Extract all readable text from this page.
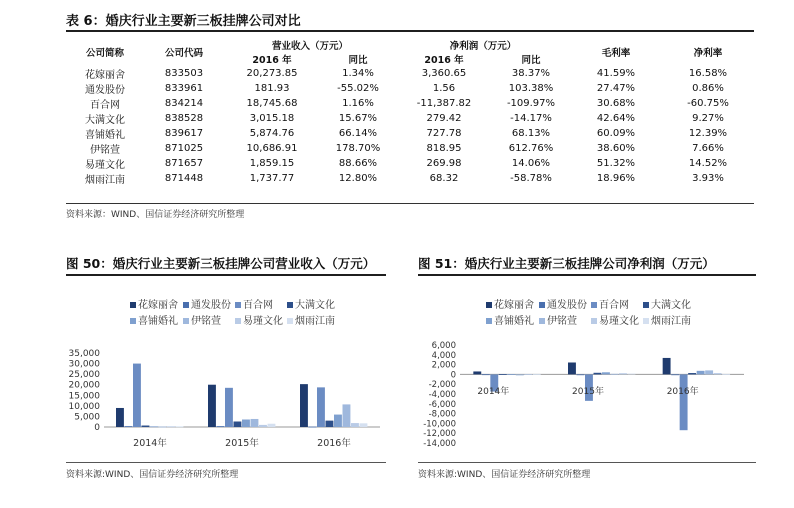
表 6：婚庆行业主要新三板挂牌公司对比
公司简称	公司代码	营业收入（万元）		净利润（万元）		毛利率	净利率
		2016 年	同比	2016 年	同比		
花嫁丽舍	833503	20,273.85	1.34%	3,360.65	38.37%	41.59%	16.58%
通发股份	833961	181.93	-55.02%	1.56	103.38%	27.47%	0.86%
百合网	834214	18,745.68	1.16%	-11,387.82	-109.97%	30.68%	-60.75%
大满文化	838528	3,015.18	15.67%	279.42	-14.17%	42.64%	9.27%
喜铺婚礼	839617	5,874.76	66.14%	727.78	68.13%	60.09%	12.39%
伊铭萱	871025	10,686.91	178.70%	818.95	612.76%	38.60%	7.66%
易瑾文化	871657	1,859.15	88.66%	269.98	14.06%	51.32%	14.52%
烟雨江南	871448	1,737.77	12.80%	68.32	-58.78%	18.96%	3.93%
资料来源：WIND、国信证券经济研究所整理
图 50：婚庆行业主要新三板挂牌公司营业收入（万元）
花嫁丽舍	通发股份	百合网	大满文化
喜铺婚礼	伊铭萱	易瑾文化	烟雨江南
0
5,000
10,000
15,000
20,000
25,000
30,000
35,000
2014年	2015年	2016年
资料来源:WIND、国信证券经济研究所整理
图 51：婚庆行业主要新三板挂牌公司净利润（万元）
花嫁丽舍	通发股份	百合网	大满文化
喜铺婚礼	伊铭萱	易瑾文化	烟雨江南
-14,000
-12,000
-10,000
-8,000
-6,000
-4,000
-2,000
0
2,000
4,000
6,000
2014年	2015年	2016年
资料来源:WIND、国信证券经济研究所整理
